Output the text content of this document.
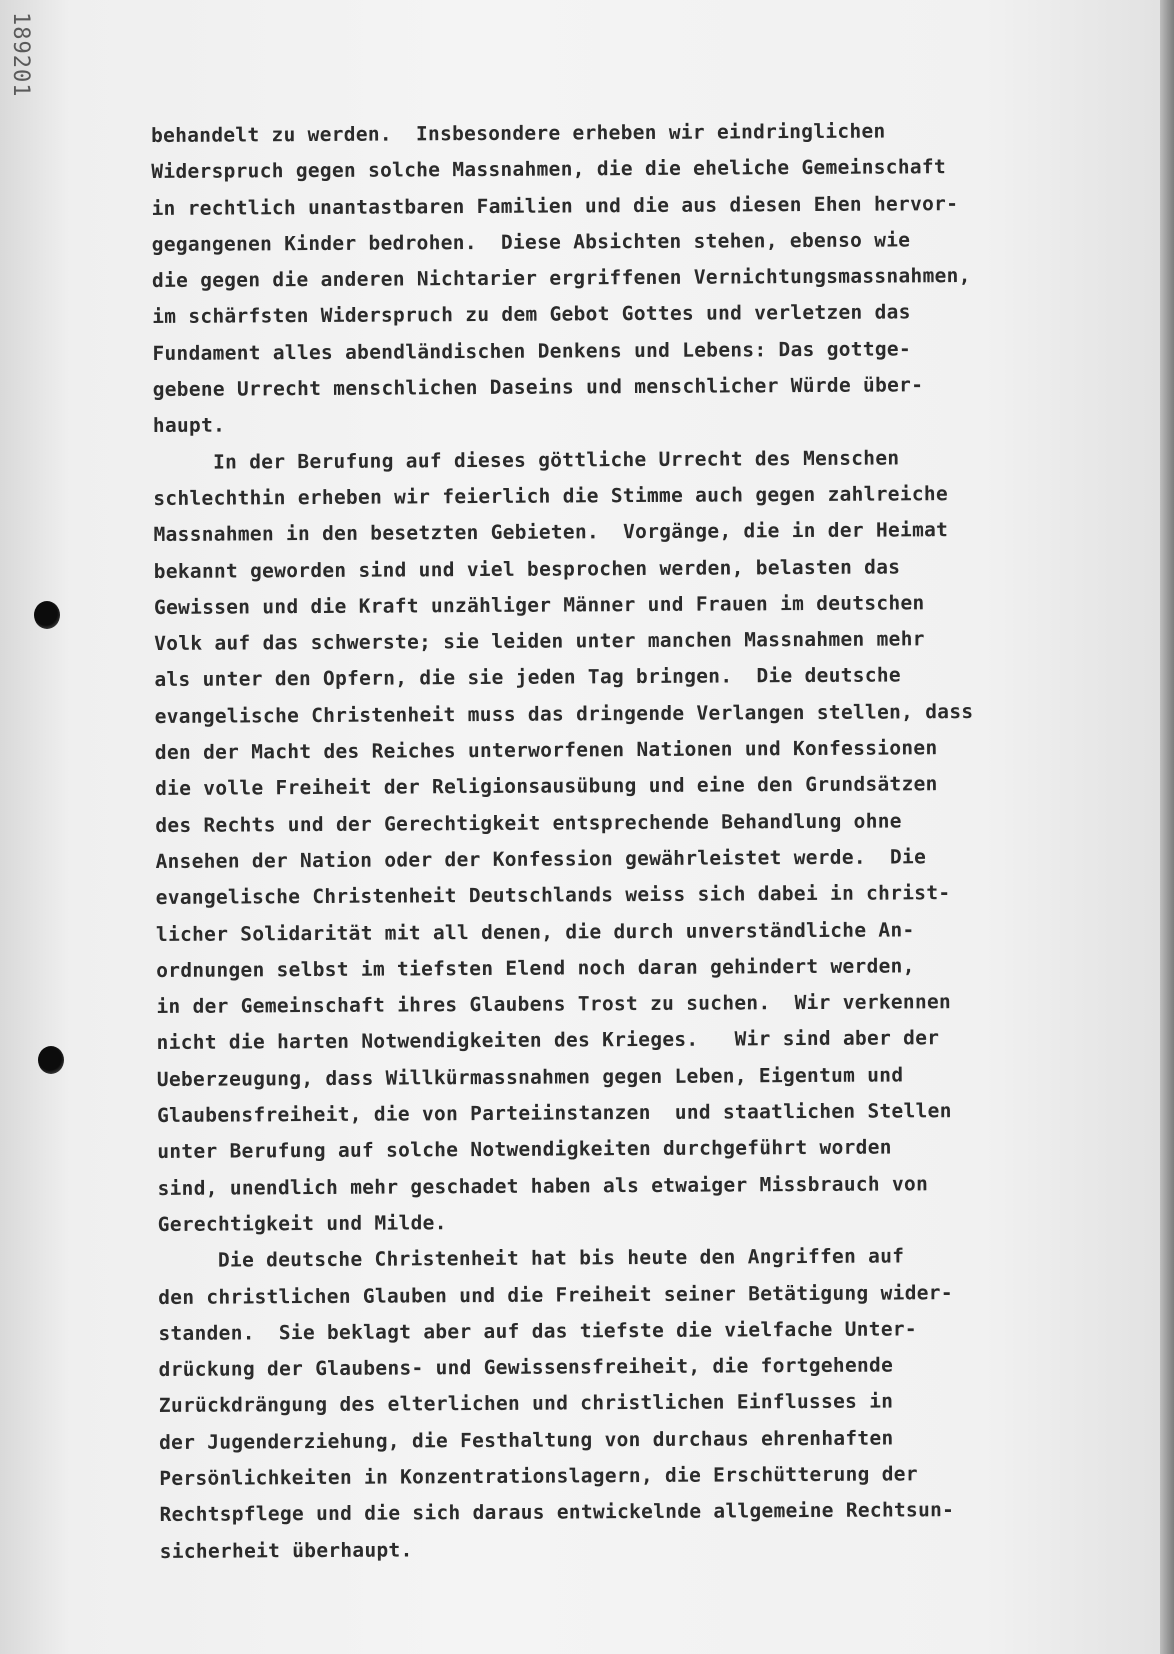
189201
behandelt zu werden.  Insbesondere erheben wir eindringlichen
Widerspruch gegen solche Massnahmen, die die eheliche Gemeinschaft
in rechtlich unantastbaren Familien und die aus diesen Ehen hervor-
gegangenen Kinder bedrohen.  Diese Absichten stehen, ebenso wie
die gegen die anderen Nichtarier ergriffenen Vernichtungsmassnahmen,
im schärfsten Widerspruch zu dem Gebot Gottes und verletzen das
Fundament alles abendländischen Denkens und Lebens: Das gottge-
gebene Urrecht menschlichen Daseins und menschlicher Würde über-
haupt.
In der Berufung auf dieses göttliche Urrecht des Menschen
schlechthin erheben wir feierlich die Stimme auch gegen zahlreiche
Massnahmen in den besetzten Gebieten.  Vorgänge, die in der Heimat
bekannt geworden sind und viel besprochen werden, belasten das
Gewissen und die Kraft unzähliger Männer und Frauen im deutschen
Volk auf das schwerste; sie leiden unter manchen Massnahmen mehr
als unter den Opfern, die sie jeden Tag bringen.  Die deutsche
evangelische Christenheit muss das dringende Verlangen stellen, dass
den der Macht des Reiches unterworfenen Nationen und Konfessionen
die volle Freiheit der Religionsausübung und eine den Grundsätzen
des Rechts und der Gerechtigkeit entsprechende Behandlung ohne
Ansehen der Nation oder der Konfession gewährleistet werde.  Die
evangelische Christenheit Deutschlands weiss sich dabei in christ-
licher Solidarität mit all denen, die durch unverständliche An-
ordnungen selbst im tiefsten Elend noch daran gehindert werden,
in der Gemeinschaft ihres Glaubens Trost zu suchen.  Wir verkennen
nicht die harten Notwendigkeiten des Krieges.   Wir sind aber der
Ueberzeugung, dass Willkürmassnahmen gegen Leben, Eigentum und
Glaubensfreiheit, die von Parteiinstanzen  und staatlichen Stellen
unter Berufung auf solche Notwendigkeiten durchgeführt worden
sind, unendlich mehr geschadet haben als etwaiger Missbrauch von
Gerechtigkeit und Milde.
Die deutsche Christenheit hat bis heute den Angriffen auf
den christlichen Glauben und die Freiheit seiner Betätigung wider-
standen.  Sie beklagt aber auf das tiefste die vielfache Unter-
drückung der Glaubens- und Gewissensfreiheit, die fortgehende
Zurückdrängung des elterlichen und christlichen Einflusses in
der Jugenderziehung, die Festhaltung von durchaus ehrenhaften
Persönlichkeiten in Konzentrationslagern, die Erschütterung der
Rechtspflege und die sich daraus entwickelnde allgemeine Rechtsun-
sicherheit überhaupt.
